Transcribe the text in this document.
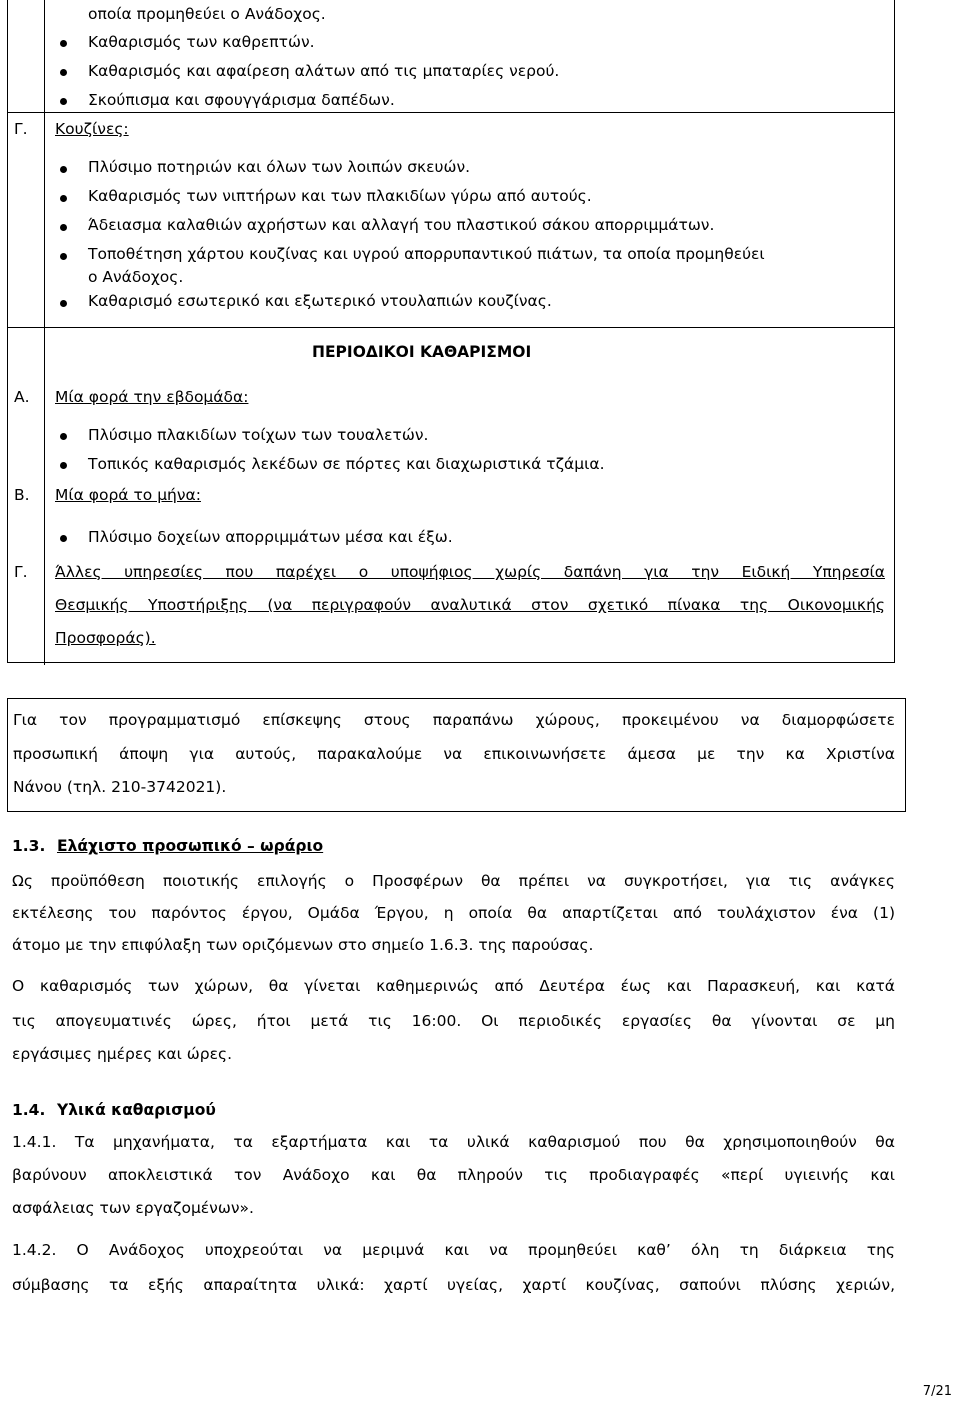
οποία προμηθεύει ο Ανάδοχος.
Καθαρισμός των καθρεπτών.
Καθαρισμός και αφαίρεση αλάτων από τις μπαταρίες νερού.
Σκούπισμα και σφουγγάρισμα δαπέδων.
Γ. Κουζίνες:
Πλύσιμο ποτηριών και όλων των λοιπών σκευών.
Καθαρισμός των νιπτήρων και των πλακιδίων γύρω από αυτούς.
Άδειασμα καλαθιών αχρήστων και αλλαγή του πλαστικού σάκου απορριμμάτων.
Τοποθέτηση χάρτου κουζίνας και υγρού απορρυπαντικού πιάτων, τα οποία προμηθεύει
ο Ανάδοχος.
Καθαρισμό εσωτερικό και εξωτερικό ντουλαπιών κουζίνας.
ΠΕΡΙΟΔΙΚΟΙ ΚΑΘΑΡΙΣΜΟΙ
Α. Μία φορά την εβδομάδα:
Πλύσιμο πλακιδίων τοίχων των τουαλετών.
Τοπικός καθαρισμός λεκέδων σε πόρτες και διαχωριστικά τζάμια.
Β. Μία φορά το μήνα:
Πλύσιμο δοχείων απορριμμάτων μέσα και έξω.
Γ. Άλλες υπηρεσίες που παρέχει ο υποψήφιος χωρίς δαπάνη για την Ειδική Υπηρεσία
Θεσμικής Υποστήριξης (να περιγραφούν αναλυτικά στον σχετικό πίνακα της Οικονομικής
Προσφοράς).
Για τον προγραμματισμό επίσκεψης στους παραπάνω χώρους, προκειμένου να διαμορφώσετε
προσωπική άποψη για αυτούς, παρακαλούμε να επικοινωνήσετε άμεσα με την κα Χριστίνα
Νάνου (τηλ. 210-3742021).
1.3. Ελάχιστο προσωπικό – ωράριο
Ως προϋπόθεση ποιοτικής επιλογής ο Προσφέρων θα πρέπει να συγκροτήσει, για τις ανάγκες
εκτέλεσης του παρόντος έργου, Ομάδα Έργου, η οποία θα απαρτίζεται από τουλάχιστον ένα (1)
άτομο με την επιφύλαξη των οριζόμενων στο σημείο 1.6.3. της παρούσας.
Ο καθαρισμός των χώρων, θα γίνεται καθημερινώς από Δευτέρα έως και Παρασκευή, και κατά
τις απογευματινές ώρες, ήτοι μετά τις 16:00. Οι περιοδικές εργασίες θα γίνονται σε μη
εργάσιμες ημέρες και ώρες.
1.4. Υλικά καθαρισμού
1.4.1. Τα μηχανήματα, τα εξαρτήματα και τα υλικά καθαρισμού που θα χρησιμοποιηθούν θα
βαρύνουν αποκλειστικά τον Ανάδοχο και θα πληρούν τις προδιαγραφές «περί υγιεινής και
ασφάλειας των εργαζομένων».
1.4.2. Ο Ανάδοχος υποχρεούται να μεριμνά και να προμηθεύει καθ’ όλη τη διάρκεια της
σύμβασης τα εξής απαραίτητα υλικά: χαρτί υγείας, χαρτί κουζίνας, σαπούνι πλύσης χεριών,
7/21
